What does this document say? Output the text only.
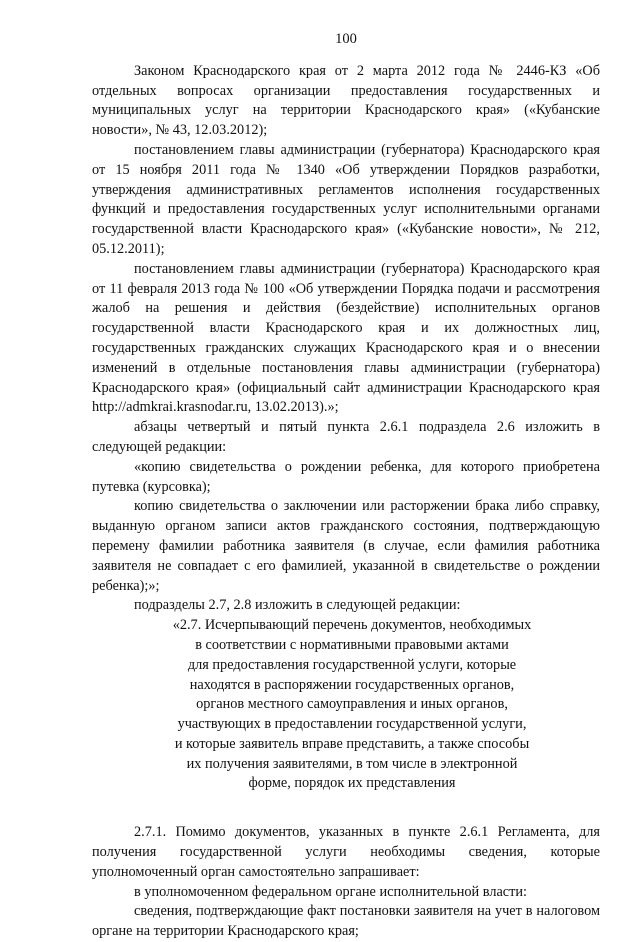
100

Законом Краснодарского края от 2 марта 2012 года № 2446-КЗ «Об отдельных вопросах организации предоставления государственных и муниципальных услуг на территории Краснодарского края» («Кубанские новости», № 43, 12.03.2012);

постановлением главы администрации (губернатора) Краснодарского края от 15 ноября 2011 года № 1340 «Об утверждении Порядков разработки, утверждения административных регламентов исполнения государственных функций и предоставления государственных услуг исполнительными органами государственной власти Краснодарского края» («Кубанские новости», № 212, 05.12.2011);

постановлением главы администрации (губернатора) Краснодарского края от 11 февраля 2013 года № 100 «Об утверждении Порядка подачи и рассмотрения жалоб на решения и действия (бездействие) исполнительных органов государственной власти Краснодарского края и их должностных лиц, государственных гражданских служащих Краснодарского края и о внесении изменений в отдельные постановления главы администрации (губернатора) Краснодарского края» (официальный сайт администрации Краснодарского края http://admkrai.krasnodar.ru, 13.02.2013).»;

абзацы четвертый и пятый пункта 2.6.1 подраздела 2.6 изложить в следующей редакции:

«копию свидетельства о рождении ребенка, для которого приобретена путевка (курсовка);

копию свидетельства о заключении или расторжении брака либо справку, выданную органом записи актов гражданского состояния, подтверждающую перемену фамилии работника заявителя (в случае, если фамилия работника заявителя не совпадает с его фамилией, указанной в свидетельстве о рождении ребенка);»;

подразделы 2.7, 2.8 изложить в следующей редакции:

«2.7. Исчерпывающий перечень документов, необходимых
в соответствии с нормативными правовыми актами
для предоставления государственной услуги, которые
находятся в распоряжении государственных органов,
органов местного самоуправления и иных органов,
участвующих в предоставлении государственной услуги,
и которые заявитель вправе представить, а также способы
их получения заявителями, в том числе в электронной
форме, порядок их представления

2.7.1. Помимо документов, указанных в пункте 2.6.1 Регламента, для получения государственной услуги необходимы сведения, которые уполномоченный орган самостоятельно запрашивает:

в уполномоченном федеральном органе исполнительной власти:

сведения, подтверждающие факт постановки заявителя на учет в налоговом органе на территории Краснодарского края;
